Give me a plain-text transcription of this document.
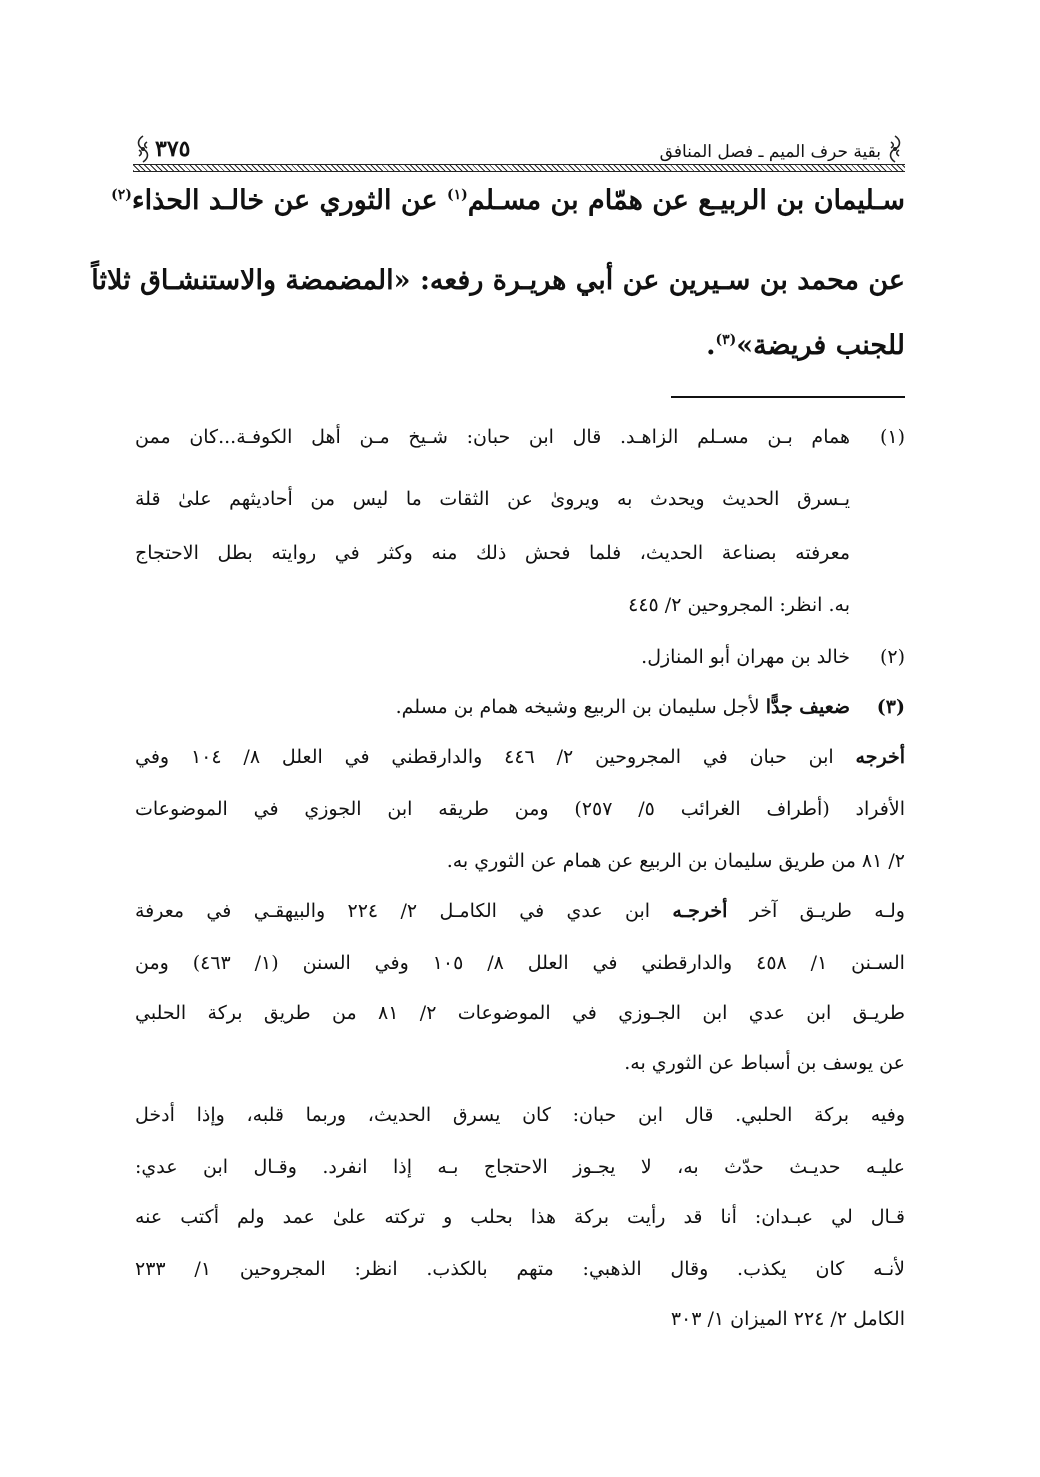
بقية حرف الميم ـ فصل المنافق
٣٧٥
سـليمان بن الربيـع عن همّام بن مسـلم$^{(١)}$ عن الثوري عن خالـد الحذاء$^{(٢)}$
عن محمد بن سـيرين عن أبي هريـرة رفعه: «المضمضة والاستنشـاق ثلاثاً
للجنب فريضة»$^{(٣)}$.
(١)
همام بـن مسـلم الزاهـد. قال ابن حبان: شـيخ مـن أهل الكوفـة...كان ممن
يـسرق الحديث ويحدث به ويروىٰ عن الثقات ما ليس من أحاديثهم علىٰ قلة
معرفته بصناعة الحديث، فلما فحش ذلك منه وكثر في روايته بطل الاحتجاج
به. انظر: المجروحين ٢/ ٤٤٥
(٢)
خالد بن مهران أبو المنازل.
(٣)
ضعيف جدًّا لأجل سليمان بن الربيع وشيخه همام بن مسلم.
أخرجه ابن حبان في المجروحين ٢/ ٤٤٦ والدارقطني في العلل ٨/ ١٠٤ وفي
الأفراد (أطراف الغرائب ٥/ ٢٥٧) ومن طريقه ابن الجوزي في الموضوعات
٢/ ٨١ من طريق سليمان بن الربيع عن همام عن الثوري به.
ولـه طريـق آخر أخرجـه ابن عدي في الكامـل ٢/ ٢٢٤ والبيهقـي في معرفة
السـنن ١/ ٤٥٨ والدارقطني في العلل ٨/ ١٠٥ وفي السنن (١/ ٤٦٣) ومن
طريـق ابن عدي ابن الجـوزي في الموضوعات ٢/ ٨١ من طريق بركة الحلبي
عن يوسف بن أسباط عن الثوري به.
وفيه بركة الحلبي. قال ابن حبان: كان يسرق الحديث، وربما قلبه، وإذا أدخل
عليـه حديـث حدّث به، لا يجـوز الاحتجاج بـه إذا انفرد. وقـال ابن عدي:
قـال لي عبـدان: أنا قد رأيت بركة هذا بحلب و تركته علىٰ عمد ولم أكتب عنه
لأنـه كان يكذب. وقال الذهبي: متهم بالكذب. انظر: المجروحين ١/ ٢٣٣
الكامل ٢/ ٢٢٤ الميزان ١/ ٣٠٣
